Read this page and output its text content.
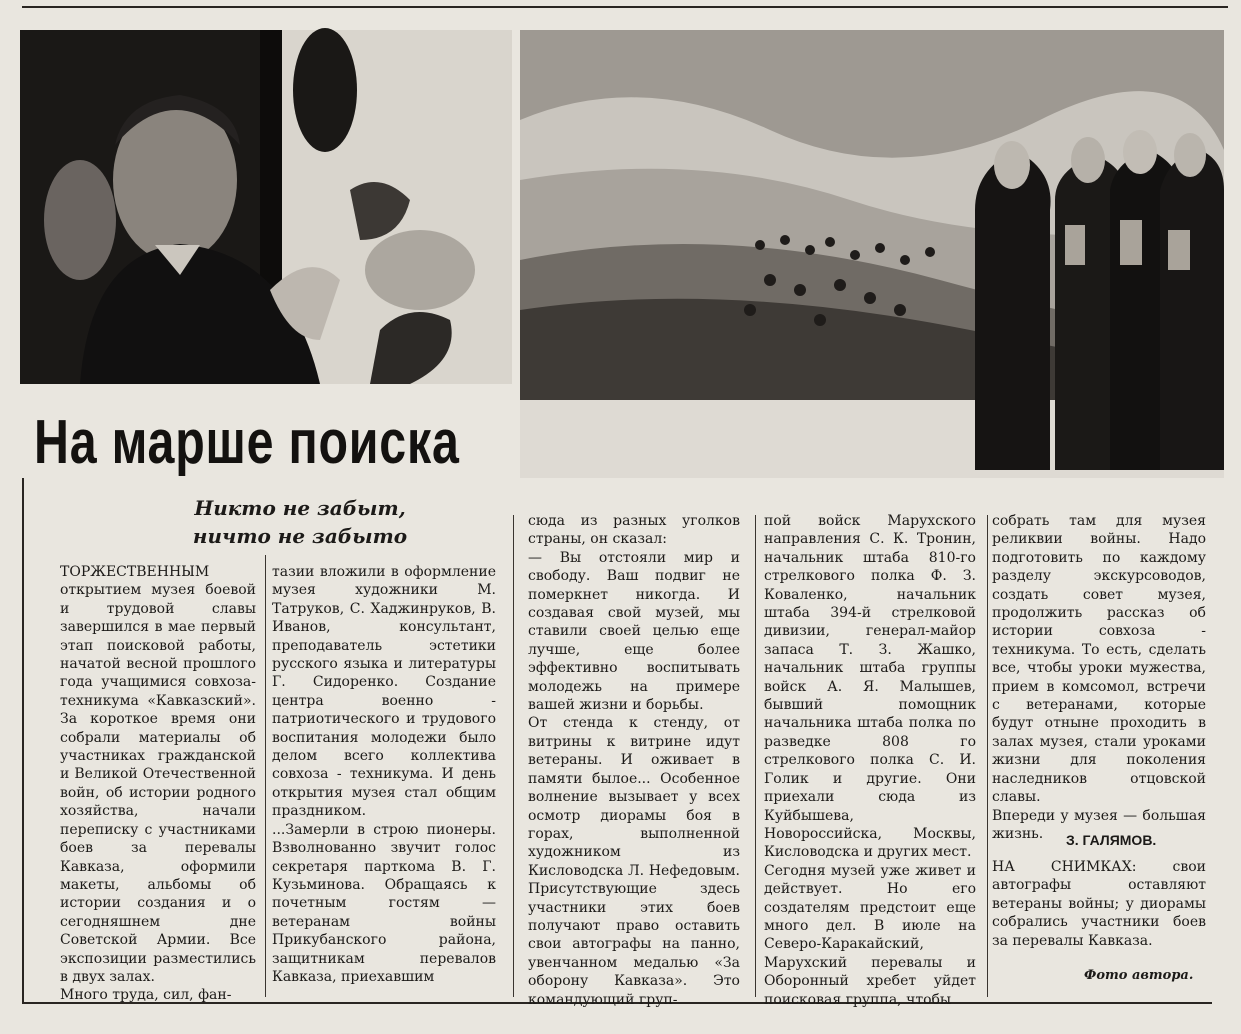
На марше поиска
Никто не забыт,
ничто не забыто
ТОРЖЕСТВЕННЫМ открытием музея боевой и трудовой славы завершился в мае первый этап поисковой работы, начатой весной прошлого года учащимися совхоза-техникума «Кавказский». За короткое время они собрали материалы об участниках гражданской и Великой Отечественной войн, об истории родного хозяйства, начали переписку с участниками боев за перевалы Кавказа, оформили макеты, альбомы об истории создания и о сегодняшнем дне Советской Армии. Все экспозиции разместились в двух залах.
Много труда, сил, фан-
тазии вложили в оформление музея художники М. Татруков, С. Хаджинруков, В. Иванов, консультант, преподаватель эстетики русского языка и литературы Г. Сидоренко. Создание центра военно - патриотического и трудового воспитания молодежи было делом всего коллектива совхоза - техникума. И день открытия музея стал общим праздником.
...Замерли в строю пионеры. Взволнованно звучит голос секретаря парткома В. Г. Кузьминова. Обращаясь к почетным гостям — ветеранам войны Прикубанского района, защитникам перевалов Кавказа, приехавшим
сюда из разных уголков страны, он сказал:
— Вы отстояли мир и свободу. Ваш подвиг не померкнет никогда. И создавая свой музей, мы ставили своей целью еще лучше, еще более эффективно воспитывать молодежь на примере вашей жизни и борьбы.
От стенда к стенду, от витрины к витрине идут ветераны. И оживает в памяти былое... Особенное волнение вызывает у всех осмотр диорамы боя в горах, выполненной художником из Кисловодска Л. Нефедовым. Присутствующие здесь участники этих боев получают право оставить свои автографы на панно, увенчанном медалью «За оборону Кавказа». Это командующий груп-
пой войск Марухского направления С. К. Тронин, начальник штаба 810-го стрелкового полка Ф. З. Коваленко, начальник штаба 394-й стрелковой дивизии, генерал-майор запаса Т. З. Жашко, начальник штаба группы войск А. Я. Малышев, бывший помощник начальника штаба полка по разведке 808 го стрелкового полка С. И. Голик и другие. Они приехали сюда из Куйбышева, Новороссийска, Москвы, Кисловодска и других мест.
Сегодня музей уже живет и действует. Но его создателям предстоит еще много дел. В июле на Северо-Каракайский, Марухский перевалы и Оборонный хребет уйдет поисковая группа, чтобы
собрать там для музея реликвии войны. Надо подготовить по каждому разделу экскурсоводов, создать совет музея, продолжить рассказ об истории совхоза - техникума. То есть, сделать все, чтобы уроки мужества, прием в комсомол, встречи с ветеранами, которые будут отныне проходить в залах музея, стали уроками жизни для поколения наследников отцовской славы.
Впереди у музея — большая жизнь.	З. ГАЛЯМОВ.
НА СНИМКАХ: свои автографы оставляют ветераны войны; у диорамы собрались участники боев за перевалы Кавказа.
Фото автора.
